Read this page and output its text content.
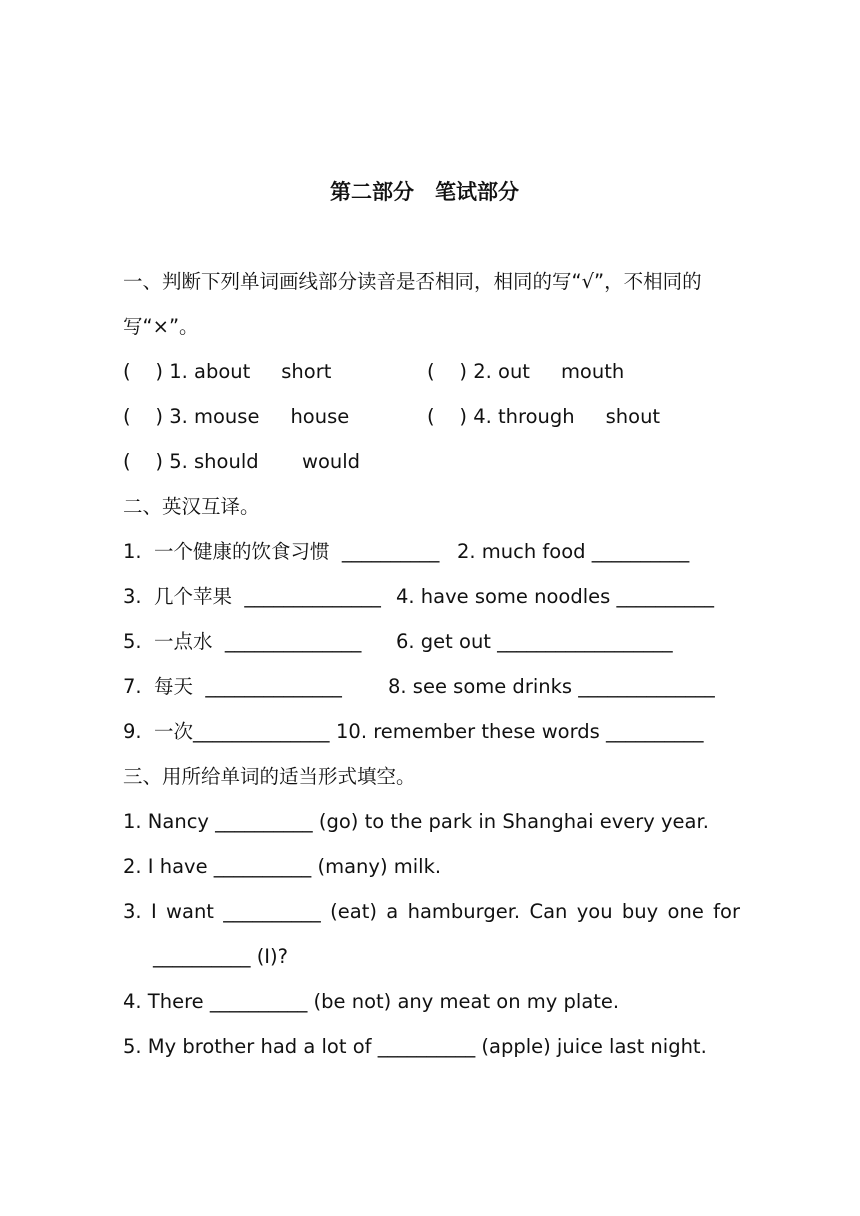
第二部分　笔试部分
一、判断下列单词画线部分读音是否相同，相同的写“√”，不相同的
写“×”。
(    ) 1. about     short	(    ) 2. out     mouth
(    ) 3. mouse     house	(    ) 4. through     shout
(    ) 5. should       would
二、英汉互译。
1.  一个健康的饮食习惯  __________ 2. much food __________
3.  几个苹果  ______________ 4. have some noodles __________
5.  一点水  ______________ 6. get out __________________
7.  每天  ______________ 8. see some drinks ______________
9.  一次______________ 10. remember these words __________
三、用所给单词的适当形式填空。
1. Nancy __________ (go) to the park in Shanghai every year.
2. I have __________ (many) milk.
3. I want __________ (eat) a hamburger. Can you buy one for
__________ (I)?
4. There __________ (be not) any meat on my plate.
5. My brother had a lot of __________ (apple) juice last night.
